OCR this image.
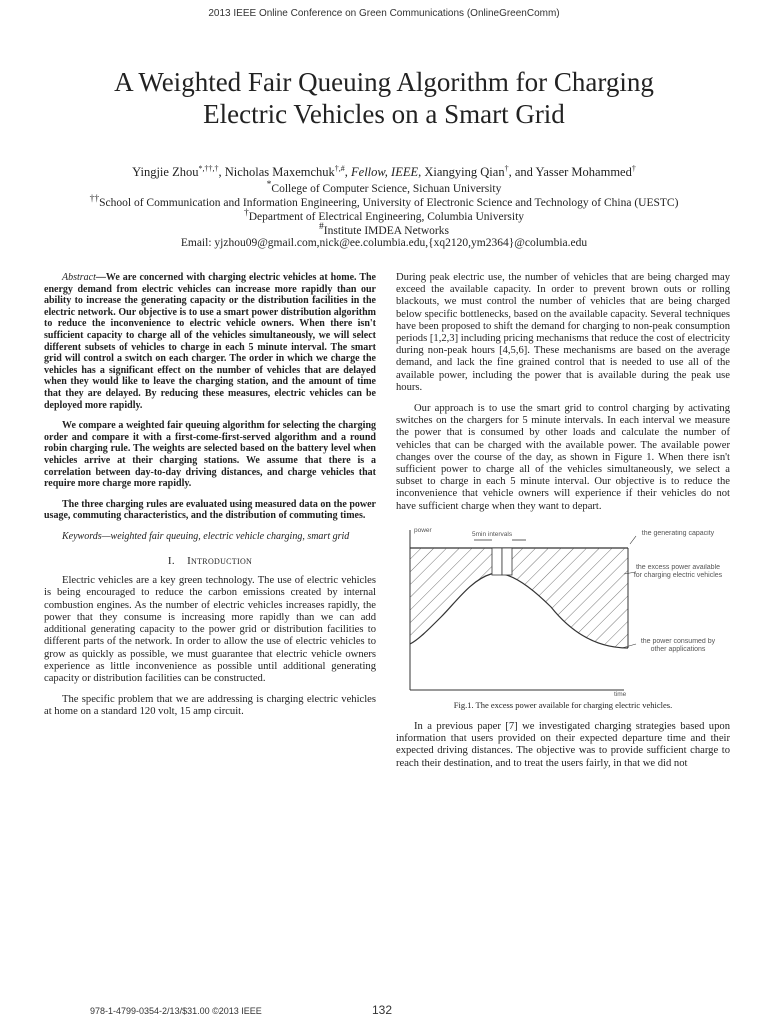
2013 IEEE Online Conference on Green Communications (OnlineGreenComm)
A Weighted Fair Queuing Algorithm for Charging
Electric Vehicles on a Smart Grid
Yingjie Zhou*,††,†, Nicholas Maxemchuk†,#, Fellow, IEEE, Xiangying Qian†, and Yasser Mohammed†
*College of Computer Science, Sichuan University
††School of Communication and Information Engineering, University of Electronic Science and Technology of China (UESTC)
†Department of Electrical Engineering, Columbia University
#Institute IMDEA Networks
Email: yjzhou09@gmail.com,nick@ee.columbia.edu,{xq2120,ym2364}@columbia.edu

Abstract—We are concerned with charging electric vehicles at home. The energy demand from electric vehicles can increase more rapidly than our ability to increase the generating capacity or the distribution facilities in the electric network. Our objective is to use a smart power distribution algorithm to reduce the inconvenience to electric vehicle owners. When there isn't sufficient capacity to charge all of the vehicles simultaneously, we will select different subsets of vehicles to charge in each 5 minute interval. The smart grid will control a switch on each charger. The order in which we charge the vehicles has a significant effect on the number of vehicles that are delayed when they would like to leave the charging station, and the amount of time that they are delayed. By reducing these measures, electric vehicles can be deployed more rapidly.

We compare a weighted fair queuing algorithm for selecting the charging order and compare it with a first-come-first-served algorithm and a round robin charging rule. The weights are selected based on the battery level when vehicles arrive at their charging stations. We assume that there is a correlation between day-to-day driving distances, and charge vehicles that require more charge more rapidly.

The three charging rules are evaluated using measured data on the power usage, commuting characteristics, and the distribution of commuting times.

Keywords—weighted fair queuing, electric vehicle charging, smart grid

I. Introduction

Electric vehicles are a key green technology. The use of electric vehicles is being encouraged to reduce the carbon emissions created by internal combustion engines. As the number of electric vehicles increases rapidly, the power that they consume is increasing more rapidly than we can add additional generating capacity to the power grid or distribution facilities to different parts of the network. In order to allow the use of electric vehicles to grow as quickly as possible, we must guarantee that electric vehicle owners experience as little inconvenience as possible until additional generating capacity or distribution facilities can be constructed.

The specific problem that we are addressing is charging electric vehicles at home on a standard 120 volt, 15 amp circuit.

During peak electric use, the number of vehicles that are being charged may exceed the available capacity. In order to prevent brown outs or rolling blackouts, we must control the number of vehicles that are being charged below specific bottlenecks, based on the available capacity. Several techniques have been proposed to shift the demand for charging to non-peak consumption periods [1,2,3] including pricing mechanisms that reduce the cost of electricity during non-peak hours [4,5,6]. These mechanisms are based on the average demand, and lack the fine grained control that is needed to use all of the available power, including the power that is available during the peak use hours.

Our approach is to use the smart grid to control charging by activating switches on the chargers for 5 minute intervals. In each interval we measure the power that is consumed by other loads and calculate the number of vehicles that can be charged with the available power. The available power changes over the course of the day, as shown in Figure 1. When there isn't sufficient power to charge all of the vehicles simultaneously, we select a subset to charge in each 5 minute interval. Our objective is to reduce the inconvenience that vehicle owners will experience if their vehicles do not have sufficient charge when they want to depart.

power
time
5min intervals	the generating capacity
the excess power available for charging electric vehicles
the power consumed by other applications
Fig.1. The excess power available for charging electric vehicles.

In a previous paper [7] we investigated charging strategies based upon information that users provided on their expected departure time and their expected driving distances. The objective was to provide sufficient charge to reach their destination, and to treat the users fairly, in that we did not

978-1-4799-0354-2/13/$31.00 ©2013 IEEE	132
